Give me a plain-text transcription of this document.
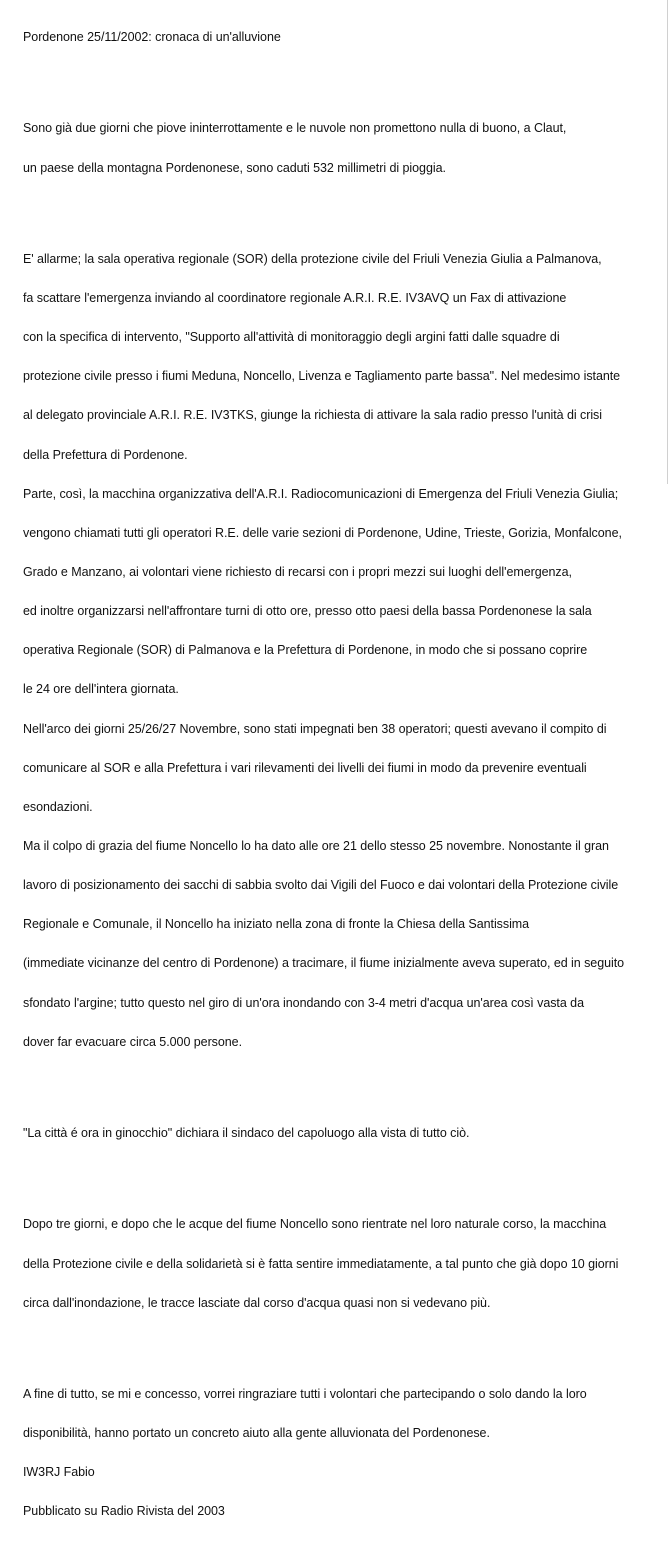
Pordenone 25/11/2002: cronaca di un'alluvione

Sono già due giorni che piove ininterrottamente e le nuvole non promettono nulla di buono, a Claut,

un paese della montagna Pordenonese, sono caduti 532 millimetri di pioggia.

E' allarme; la sala operativa regionale (SOR) della protezione civile del Friuli Venezia Giulia a Palmanova,

fa scattare l'emergenza inviando al coordinatore regionale A.R.I. R.E. IV3AVQ un Fax di attivazione

con la specifica di intervento, "Supporto all'attività di monitoraggio degli argini fatti dalle squadre di

protezione civile presso i fiumi Meduna, Noncello, Livenza e Tagliamento parte bassa". Nel medesimo istante

al delegato provinciale A.R.I. R.E. IV3TKS, giunge la richiesta di attivare la sala radio presso l'unità di crisi

della Prefettura di Pordenone.

Parte, così, la macchina organizzativa dell'A.R.I. Radiocomunicazioni di Emergenza del Friuli Venezia Giulia;

vengono chiamati tutti gli operatori R.E. delle varie sezioni di Pordenone, Udine, Trieste, Gorizia, Monfalcone,

Grado e Manzano, ai volontari viene richiesto di recarsi con i propri mezzi sui luoghi dell'emergenza,

ed inoltre organizzarsi nell'affrontare turni di otto ore, presso otto paesi della bassa Pordenonese la sala

operativa Regionale (SOR) di Palmanova e la Prefettura di Pordenone, in modo che si possano coprire

le 24 ore dell'intera giornata.

Nell'arco dei giorni 25/26/27 Novembre, sono stati impegnati ben 38 operatori; questi avevano il compito di

comunicare al SOR e alla Prefettura i vari rilevamenti dei livelli dei fiumi in modo da prevenire eventuali

esondazioni.

Ma il colpo di grazia del fiume Noncello lo ha dato alle ore 21 dello stesso 25 novembre. Nonostante il gran

lavoro di posizionamento dei sacchi di sabbia svolto dai Vigili del Fuoco e dai volontari della Protezione civile

Regionale e Comunale, il Noncello ha iniziato nella zona di fronte la Chiesa della Santissima

(immediate vicinanze del centro di Pordenone) a tracimare, il fiume inizialmente aveva superato, ed in seguito

sfondato l'argine; tutto questo nel giro di un'ora inondando con 3-4 metri d'acqua un'area così vasta da

dover far evacuare circa 5.000 persone.

"La città é ora in ginocchio" dichiara il sindaco del capoluogo alla vista di tutto ciò.

Dopo tre giorni, e dopo che le acque del fiume Noncello sono rientrate nel loro naturale corso, la macchina

della Protezione civile e della solidarietà si è fatta sentire immediatamente, a tal punto che già dopo 10 giorni

circa dall'inondazione, le tracce lasciate dal corso d'acqua quasi non si vedevano più.

A fine di tutto, se mi e concesso, vorrei ringraziare tutti i volontari che partecipando o solo dando la loro

disponibilità, hanno portato un concreto aiuto alla gente alluvionata del Pordenonese.

IW3RJ Fabio

Pubblicato su Radio Rivista del 2003
